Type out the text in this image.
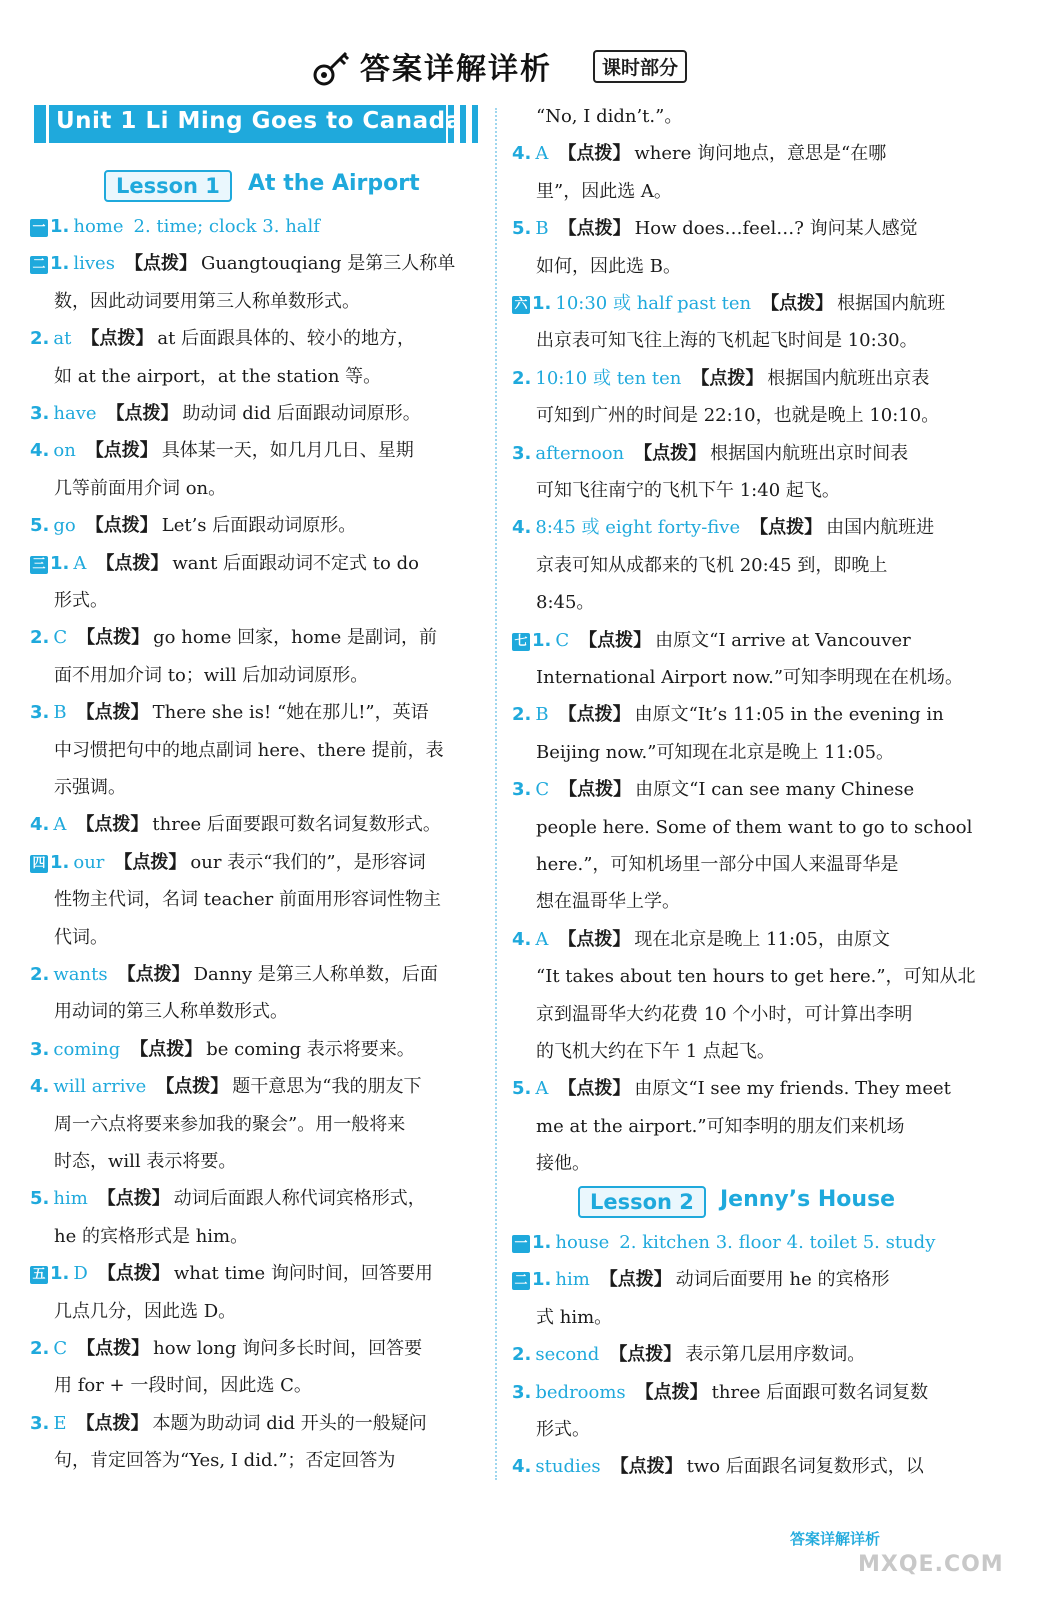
答案详解详析	课时部分
Unit 1 Li Ming Goes to Canada
Lesson 1	At the Airport
一 1. home 2. time; clock 3. half
二 1. lives 【点拨】 Guangtouqiang 是第三人称单
数，因此动词要用第三人称单数形式。
2. at 【点拨】 at 后面跟具体的、较小的地方，
如 at the airport，at the station 等。
3. have 【点拨】 助动词 did 后面跟动词原形。
4. on 【点拨】 具体某一天，如几月几日、星期
几等前面用介词 on。
5. go 【点拨】 Let’s 后面跟动词原形。
三 1. A 【点拨】 want 后面跟动词不定式 to do
形式。
2. C 【点拨】 go home 回家，home 是副词，前
面不用加介词 to；will 后加动词原形。
3. B 【点拨】 There she is! “她在那儿!”，英语
中习惯把句中的地点副词 here、there 提前，表
示强调。
4. A 【点拨】 three 后面要跟可数名词复数形式。
四 1. our 【点拨】 our 表示“我们的”，是形容词
性物主代词，名词 teacher 前面用形容词性物主
代词。
2. wants 【点拨】 Danny 是第三人称单数，后面
用动词的第三人称单数形式。
3. coming 【点拨】 be coming 表示将要来。
4. will arrive 【点拨】 题干意思为“我的朋友下
周一六点将要来参加我的聚会”。用一般将来
时态，will 表示将要。
5. him 【点拨】 动词后面跟人称代词宾格形式，
he 的宾格形式是 him。
五 1. D 【点拨】 what time 询问时间，回答要用
几点几分，因此选 D。
2. C 【点拨】 how long 询问多长时间，回答要
用 for + 一段时间，因此选 C。
3. E 【点拨】 本题为助动词 did 开头的一般疑问
句，肯定回答为“Yes, I did.”；否定回答为
“No, I didn’t.”。
4. A 【点拨】 where 询问地点，意思是“在哪
里”，因此选 A。
5. B 【点拨】 How does…feel…? 询问某人感觉
如何，因此选 B。
六 1. 10:30 或 half past ten 【点拨】 根据国内航班
出京表可知飞往上海的飞机起飞时间是 10:30。
2. 10:10 或 ten ten 【点拨】 根据国内航班出京表
可知到广州的时间是 22:10，也就是晚上 10:10。
3. afternoon 【点拨】 根据国内航班出京时间表
可知飞往南宁的飞机下午 1:40 起飞。
4. 8:45 或 eight forty-five 【点拨】 由国内航班进
京表可知从成都来的飞机 20:45 到，即晚上
8:45。
七 1. C 【点拨】 由原文“I arrive at Vancouver
International Airport now.”可知李明现在在机场。
2. B 【点拨】 由原文“It’s 11:05 in the evening in
Beijing now.”可知现在北京是晚上 11:05。
3. C 【点拨】 由原文“I can see many Chinese
people here. Some of them want to go to school
here.”，可知机场里一部分中国人来温哥华是
想在温哥华上学。
4. A 【点拨】 现在北京是晚上 11:05，由原文
“It takes about ten hours to get here.”，可知从北
京到温哥华大约花费 10 个小时，可计算出李明
的飞机大约在下午 1 点起飞。
5. A 【点拨】 由原文“I see my friends. They meet
me at the airport.”可知李明的朋友们来机场
接他。
Lesson 2	Jenny’s House
一 1. house 2. kitchen 3. floor 4. toilet 5. study
二 1. him 【点拨】 动词后面要用 he 的宾格形
式 him。
2. second 【点拨】 表示第几层用序数词。
3. bedrooms 【点拨】 three 后面跟可数名词复数
形式。
4. studies 【点拨】 two 后面跟名词复数形式，以
答案详解详析
MXQE.COM
